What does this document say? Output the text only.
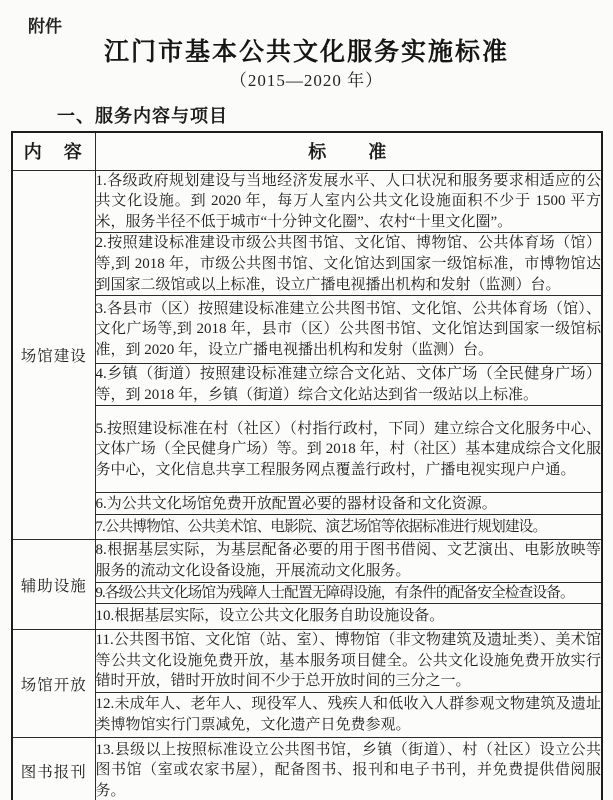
附件
江门市基本公共文化服务实施标准
（2015—2020 年）
一、服务内容与项目
内　容	标　　准
场馆建设	1.各级政府规划建设与当地经济发展水平、人口状况和服务要求相适应的公共文化设施。到 2020 年，每万人室内公共文化设施面积不少于 1500 平方米，服务半径不低于城市“十分钟文化圈”、农村“十里文化圈”。
	2.按照建设标准建设市级公共图书馆、文化馆、博物馆、公共体育场（馆）等,到 2018 年，市级公共图书馆、文化馆达到国家一级馆标准，市博物馆达到国家二级馆或以上标准，设立广播电视播出机构和发射（监测）台。
	3.各县市（区）按照建设标准建立公共图书馆、文化馆、公共体育场（馆）、文化广场等,到 2018 年，县市（区）公共图书馆、文化馆达到国家一级馆标准，到 2020 年，设立广播电视播出机构和发射（监测）台。
	4.乡镇（街道）按照建设标准建立综合文化站、文体广场（全民健身广场）等，到 2018 年，乡镇（街道）综合文化站达到省一级站以上标准。
	5.按照建设标准在村（社区）（村指行政村，下同）建立综合文化服务中心、文体广场（全民健身广场）等。到 2018 年，村（社区）基本建成综合文化服务中心，文化信息共享工程服务网点覆盖行政村，广播电视实现户户通。
	6.为公共文化场馆免费开放配置必要的器材设备和文化资源。
	7.公共博物馆、公共美术馆、电影院、演艺场馆等依据标准进行规划建设。
辅助设施	8.根据基层实际，为基层配备必要的用于图书借阅、文艺演出、电影放映等服务的流动文化设备设施，开展流动文化服务。
	9.各级公共文化场馆为残障人士配置无障碍设施，有条件的配备安全检查设备。
	10.根据基层实际，设立公共文化服务自助设施设备。
场馆开放	11.公共图书馆、文化馆（站、室）、博物馆（非文物建筑及遗址类）、美术馆等公共文化设施免费开放，基本服务项目健全。公共文化设施免费开放实行错时开放，错时开放时间不少于总开放时间的三分之一。
	12.未成年人、老年人、现役军人、残疾人和低收入人群参观文物建筑及遗址类博物馆实行门票减免，文化遗产日免费参观。
图书报刊	13.县级以上按照标准设立公共图书馆，乡镇（街道）、村（社区）设立公共图书馆（室或农家书屋），配备图书、报刊和电子书刊，并免费提供借阅服务。
